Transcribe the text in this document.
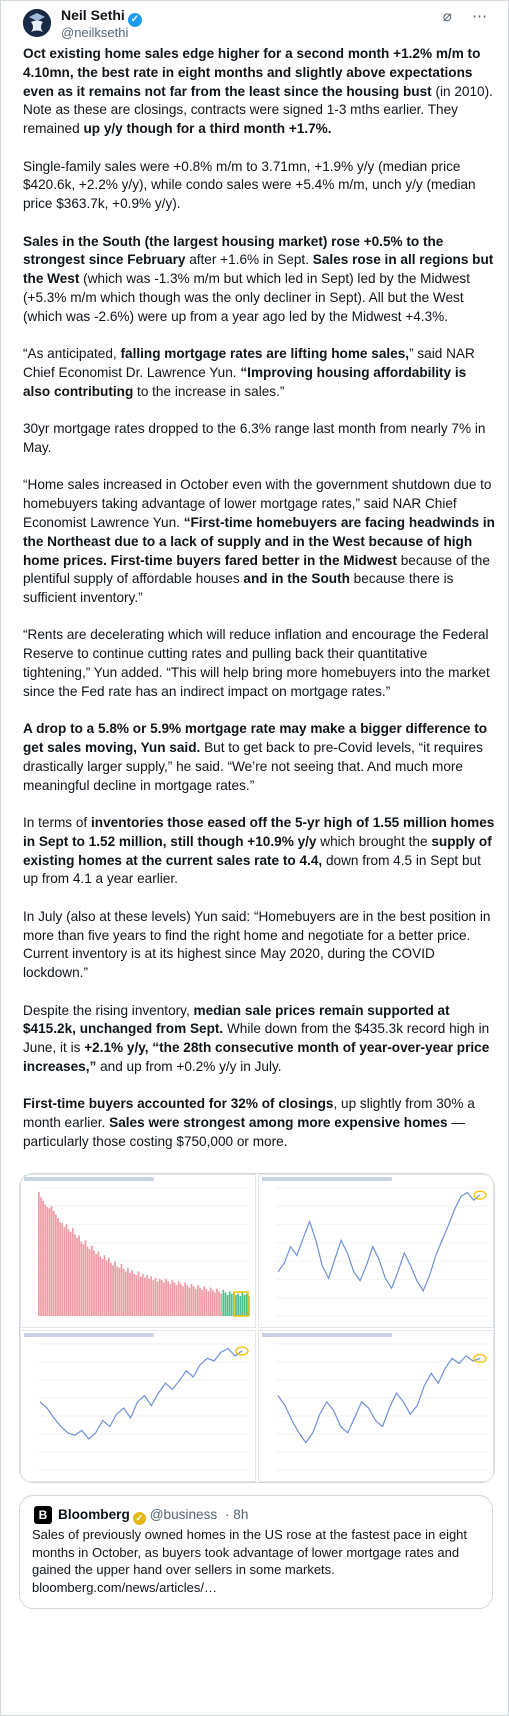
Neil Sethi ✓
@neilksethi
⌀ ⋯

Oct existing home sales edge higher for a second month +1.2% m/m to 4.10mn, the best rate in eight months and slightly above expectations even as it remains not far from the least since the housing bust (in 2010). Note as these are closings, contracts were signed 1-3 mths earlier. They remained up y/y though for a third month +1.7%.

Single-family sales were +0.8% m/m to 3.71mn, +1.9% y/y (median price $420.6k, +2.2% y/y), while condo sales were +5.4% m/m, unch y/y (median price $363.7k, +0.9% y/y).

Sales in the South (the largest housing market) rose +0.5% to the strongest since February after +1.6% in Sept. Sales rose in all regions but the West (which was -1.3% m/m but which led in Sept) led by the Midwest (+5.3% m/m which though was the only decliner in Sept). All but the West (which was -2.6%) were up from a year ago led by the Midwest +4.3%.

“As anticipated, falling mortgage rates are lifting home sales,” said NAR Chief Economist Dr. Lawrence Yun. “Improving housing affordability is also contributing to the increase in sales.”

30yr mortgage rates dropped to the 6.3% range last month from nearly 7% in May.

“Home sales increased in October even with the government shutdown due to homebuyers taking advantage of lower mortgage rates,” said NAR Chief Economist Lawrence Yun. “First-time homebuyers are facing headwinds in the Northeast due to a lack of supply and in the West because of high home prices. First-time buyers fared better in the Midwest because of the plentiful supply of affordable houses and in the South because there is sufficient inventory.”

“Rents are decelerating which will reduce inflation and encourage the Federal Reserve to continue cutting rates and pulling back their quantitative tightening,” Yun added. “This will help bring more homebuyers into the market since the Fed rate has an indirect impact on mortgage rates.”

A drop to a 5.8% or 5.9% mortgage rate may make a bigger difference to get sales moving, Yun said. But to get back to pre-Covid levels, “it requires drastically larger supply,” he said. “We’re not seeing that. And much more meaningful decline in mortgage rates.”

In terms of inventories those eased off the 5-yr high of 1.55 million homes in Sept to 1.52 million, still though +10.9% y/y which brought the supply of existing homes at the current sales rate to 4.4, down from 4.5 in Sept but up from 4.1 a year earlier.

In July (also at these levels) Yun said: “Homebuyers are in the best position in more than five years to find the right home and negotiate for a better price. Current inventory is at its highest since May 2020, during the COVID lockdown.”

Despite the rising inventory, median sale prices remain supported at $415.2k, unchanged from Sept. While down from the $435.3k record high in June, it is +2.1% y/y, “the 28th consecutive month of year-over-year price increases,” and up from +0.2% y/y in July.

First-time buyers accounted for 32% of closings, up slightly from 30% a month earlier. Sales were strongest among more expensive homes — particularly those costing $750,000 or more.

B Bloomberg ✓ @business · 8h
Sales of previously owned homes in the US rose at the fastest pace in eight months in October, as buyers took advantage of lower mortgage rates and gained the upper hand over sellers in some markets.
bloomberg.com/news/articles/…
